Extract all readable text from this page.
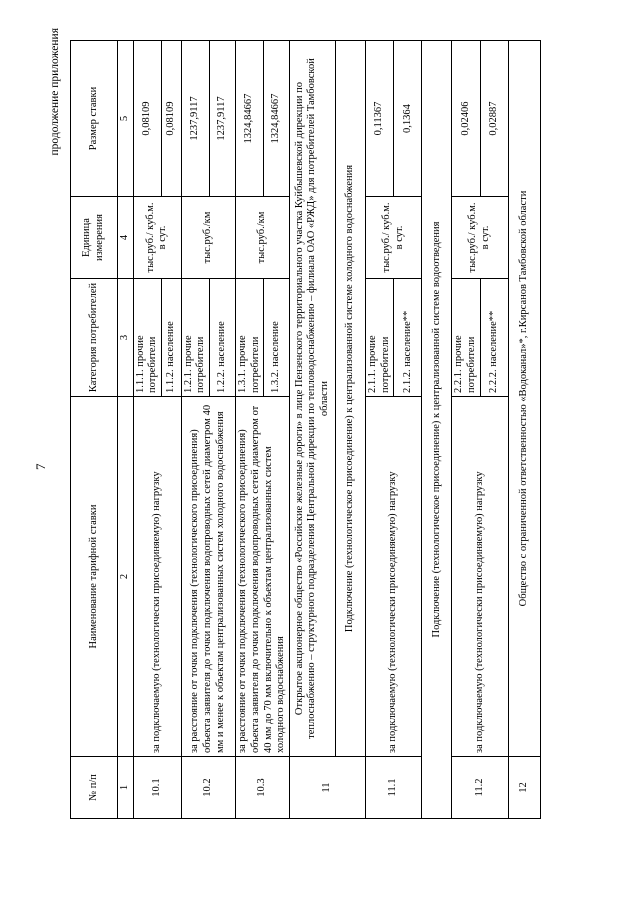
7
продолжение приложения
№ п/п	Наименование тарифной ставки	Категория потребителей	Единица измерения	Размер ставки
1	2	3	4	5
10.1	за подключаемую (технологически присоединяемую) нагрузку	1.1.1. прочие потребители	тыс.руб./ куб.м. в сут.	0,08109
		1.1.2. население		0,08109
10.2	за расстояние от точки подключения (технологического присоединения) объекта заявителя до точки подключения водопроводных сетей диаметром 40 мм и менее к объектам централизованных систем холодного водоснабжения	1.2.1. прочие потребители	тыс.руб./км	1237,9117
		1.2.2. население		1237,9117
10.3	за расстояние от точки подключения (технологического присоединения) объекта заявителя до точки подключения водопроводных сетей диаметром от 40 мм до 70 мм включительно к объектам централизованных систем холодного водоснабжения	1.3.1. прочие потребители	тыс.руб./км	1324,84667
		1.3.2. население		1324,84667
11	Открытое акционерное общество «Российские железные дороги» в лице Пензенского территориального участка Куйбышевской дирекции по теплоснабжению – структурного подразделения Центральной дирекции по тепловодоснабжению – филиала ОАО «РЖД» для потребителей Тамбовской области			
	Подключение (технологическое присоединение) к централизованной системе холодного водоснабжения			
11.1	за подключаемую (технологически присоединяемую) нагрузку	2.1.1. прочие потребители	тыс.руб./ куб.м. в сут.	0,11367
		2.1.2. население**		0,1364
Подключение (технологическое присоединение) к централизованной системе водоотведения				
11.2	за подключаемую (технологически присоединяемую) нагрузку	2.2.1. прочие потребители	тыс.руб./ куб.м. в сут.	0,02406
		2.2.2. население**		0,02887
12	Общество с ограниченной ответственностью «Водоканал»*, г.Кирсанов Тамбовской области			
